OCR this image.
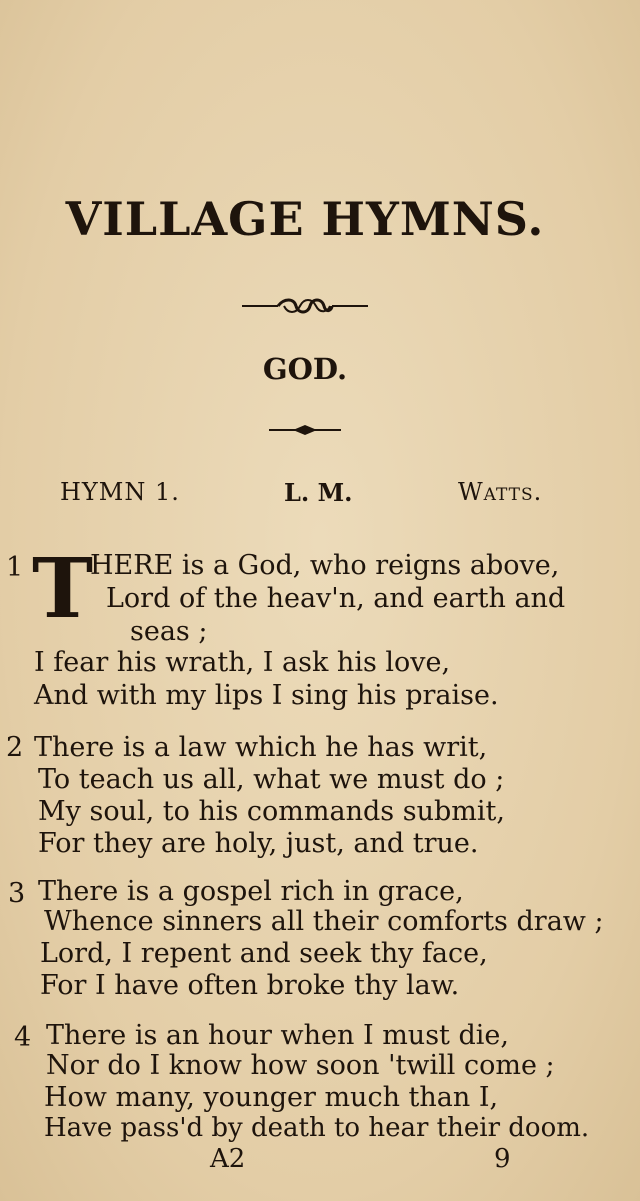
VILLAGE HYMNS.
GOD.
HYMN 1.	L. M.	Watts.
1 T
HERE is a God, who reigns above,
Lord of the heav'n, and earth and
seas ;
I fear his wrath, I ask his love,
And with my lips I sing his praise.
2 There is a law which he has writ,
To teach us all, what we must do ;
My soul, to his commands submit,
For they are holy, just, and true.
3 There is a gospel rich in grace,
Whence sinners all their comforts draw ;
Lord, I repent and seek thy face,
For I have often broke thy law.
4 There is an hour when I must die,
Nor do I know how soon 'twill come ;
How many, younger much than I,
Have pass'd by death to hear their doom.
A2	9
